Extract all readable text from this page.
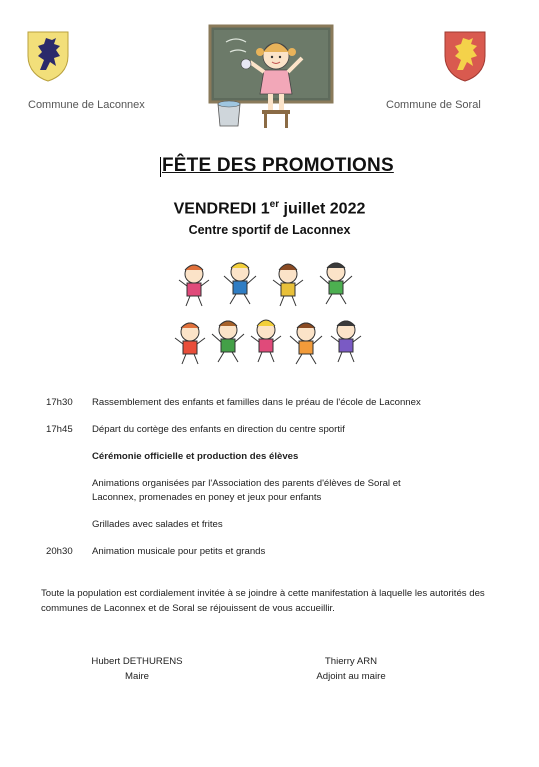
Commune de Laconnex	Commune de Soral
FÊTE DES PROMOTIONS
VENDREDI 1er juillet 2022
Centre sportif de Laconnex
17h30 Rassemblement des enfants et familles dans le préau de l'école de Laconnex
17h45 Départ du cortège des enfants en direction du centre sportif
Cérémonie officielle et production des élèves
Animations organisées par l'Association des parents d'élèves de Soral et Laconnex, promenades en poney et jeux pour enfants
Grillades avec salades et frites
20h30 Animation musicale pour petits et grands
Toute la population est cordialement invitée à se joindre à cette manifestation à laquelle les autorités des communes de Laconnex et de Soral se réjouissent de vous accueillir.
Hubert DETHURENS
Maire
Thierry ARN
Adjoint au maire
